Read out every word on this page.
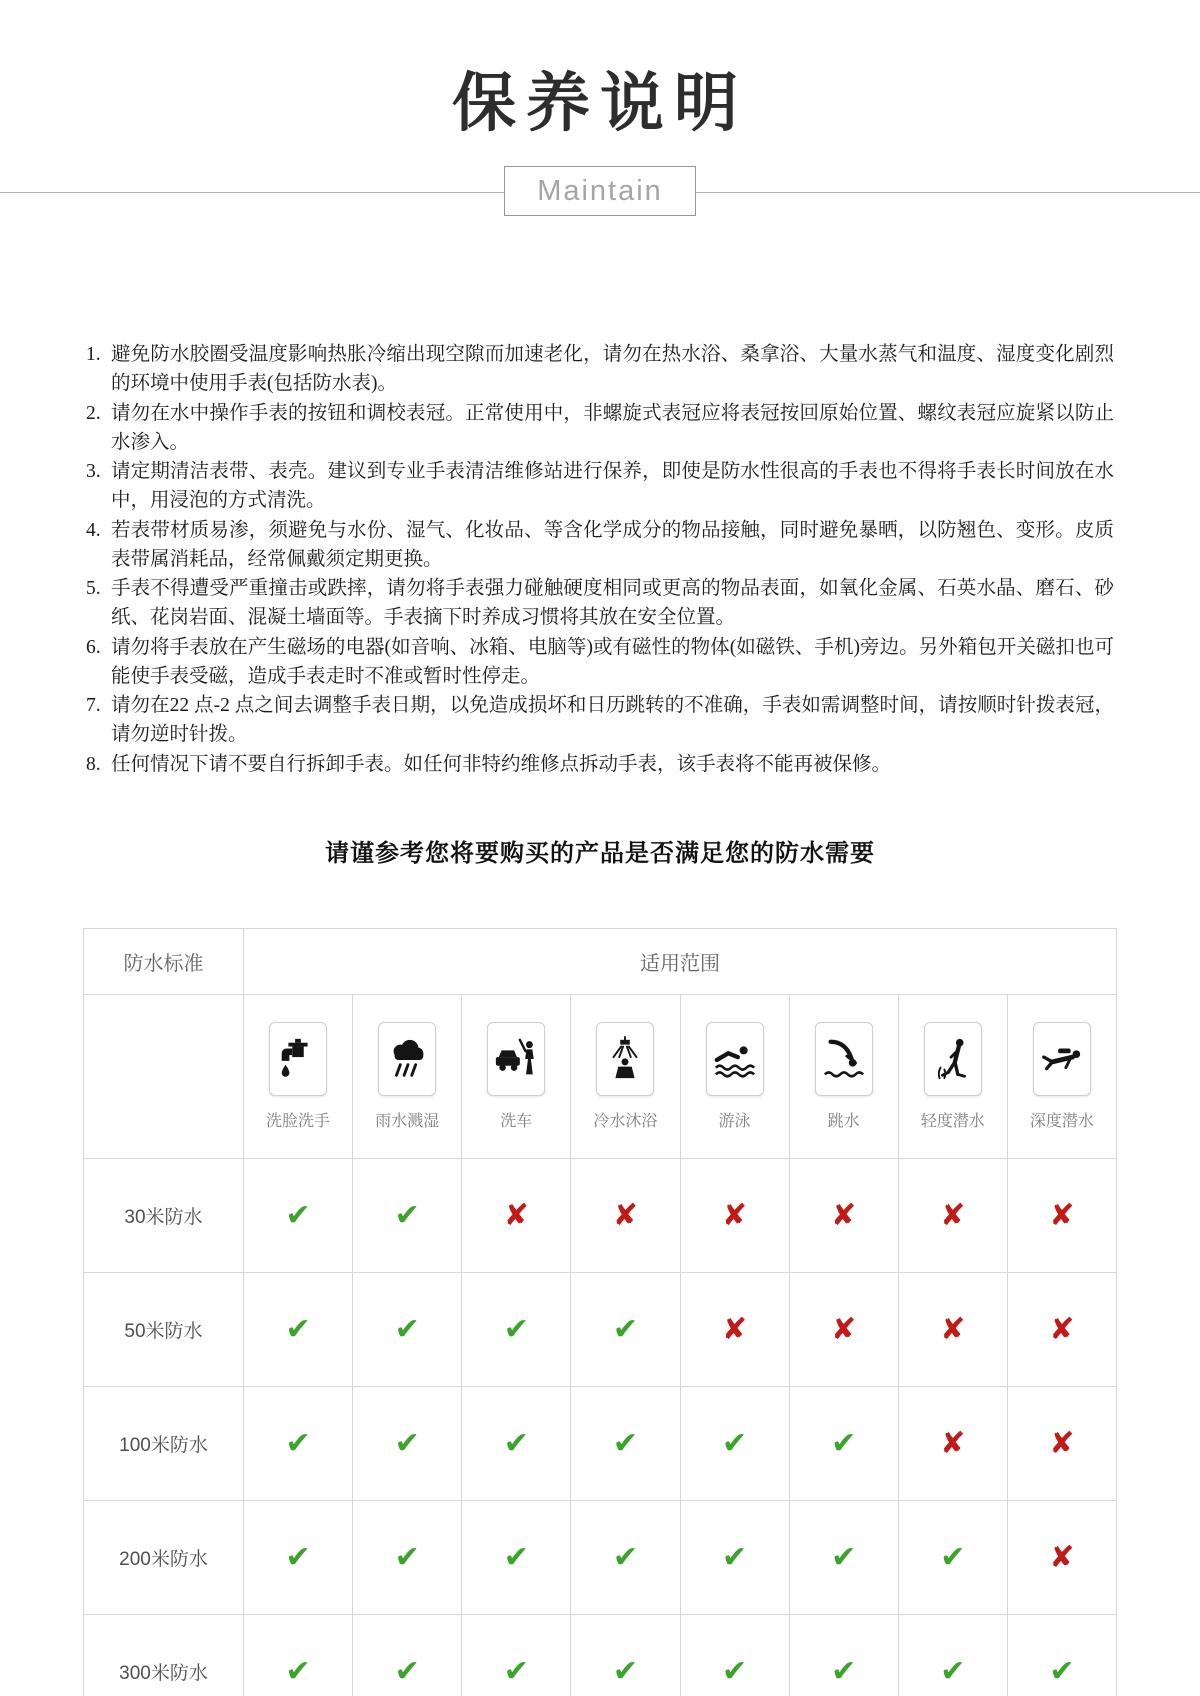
保养说明
Maintain
1. 避免防水胶圈受温度影响热胀冷缩出现空隙而加速老化，请勿在热水浴、桑拿浴、大量水蒸气和温度、湿度变化剧烈的环境中使用手表(包括防水表)。
2. 请勿在水中操作手表的按钮和调校表冠。正常使用中，非螺旋式表冠应将表冠按回原始位置、螺纹表冠应旋紧以防止水渗入。
3. 请定期清洁表带、表壳。建议到专业手表清洁维修站进行保养，即使是防水性很高的手表也不得将手表长时间放在水中，用浸泡的方式清洗。
4. 若表带材质易渗，须避免与水份、湿气、化妆品、等含化学成分的物品接触，同时避免暴晒，以防翘色、变形。皮质表带属消耗品，经常佩戴须定期更换。
5. 手表不得遭受严重撞击或跌摔，请勿将手表强力碰触硬度相同或更高的物品表面，如氧化金属、石英水晶、磨石、砂纸、花岗岩面、混凝土墙面等。手表摘下时养成习惯将其放在安全位置。
6. 请勿将手表放在产生磁场的电器(如音响、冰箱、电脑等)或有磁性的物体(如磁铁、手机)旁边。另外箱包开关磁扣也可能使手表受磁，造成手表走时不准或暂时性停走。
7. 请勿在22 点-2 点之间去调整手表日期，以免造成损坏和日历跳转的不准确，手表如需调整时间，请按顺时针拨表冠，请勿逆时针拨。
8. 任何情况下请不要自行拆卸手表。如任何非特约维修点拆动手表，该手表将不能再被保修。
请谨参考您将要购买的产品是否满足您的防水需要
防水标准	适用范围							

	洗脸洗手	雨水溅湿	洗车	冷水沐浴	游泳	跳水	轻度潜水	深度潜水

30米防水	✔	✔	✘	✘	✘	✘	✘	✘
50米防水	✔	✔	✔	✔	✘	✘	✘	✘
100米防水	✔	✔	✔	✔	✔	✔	✘	✘
200米防水	✔	✔	✔	✔	✔	✔	✔	✘
300米防水	✔	✔	✔	✔	✔	✔	✔	✔
